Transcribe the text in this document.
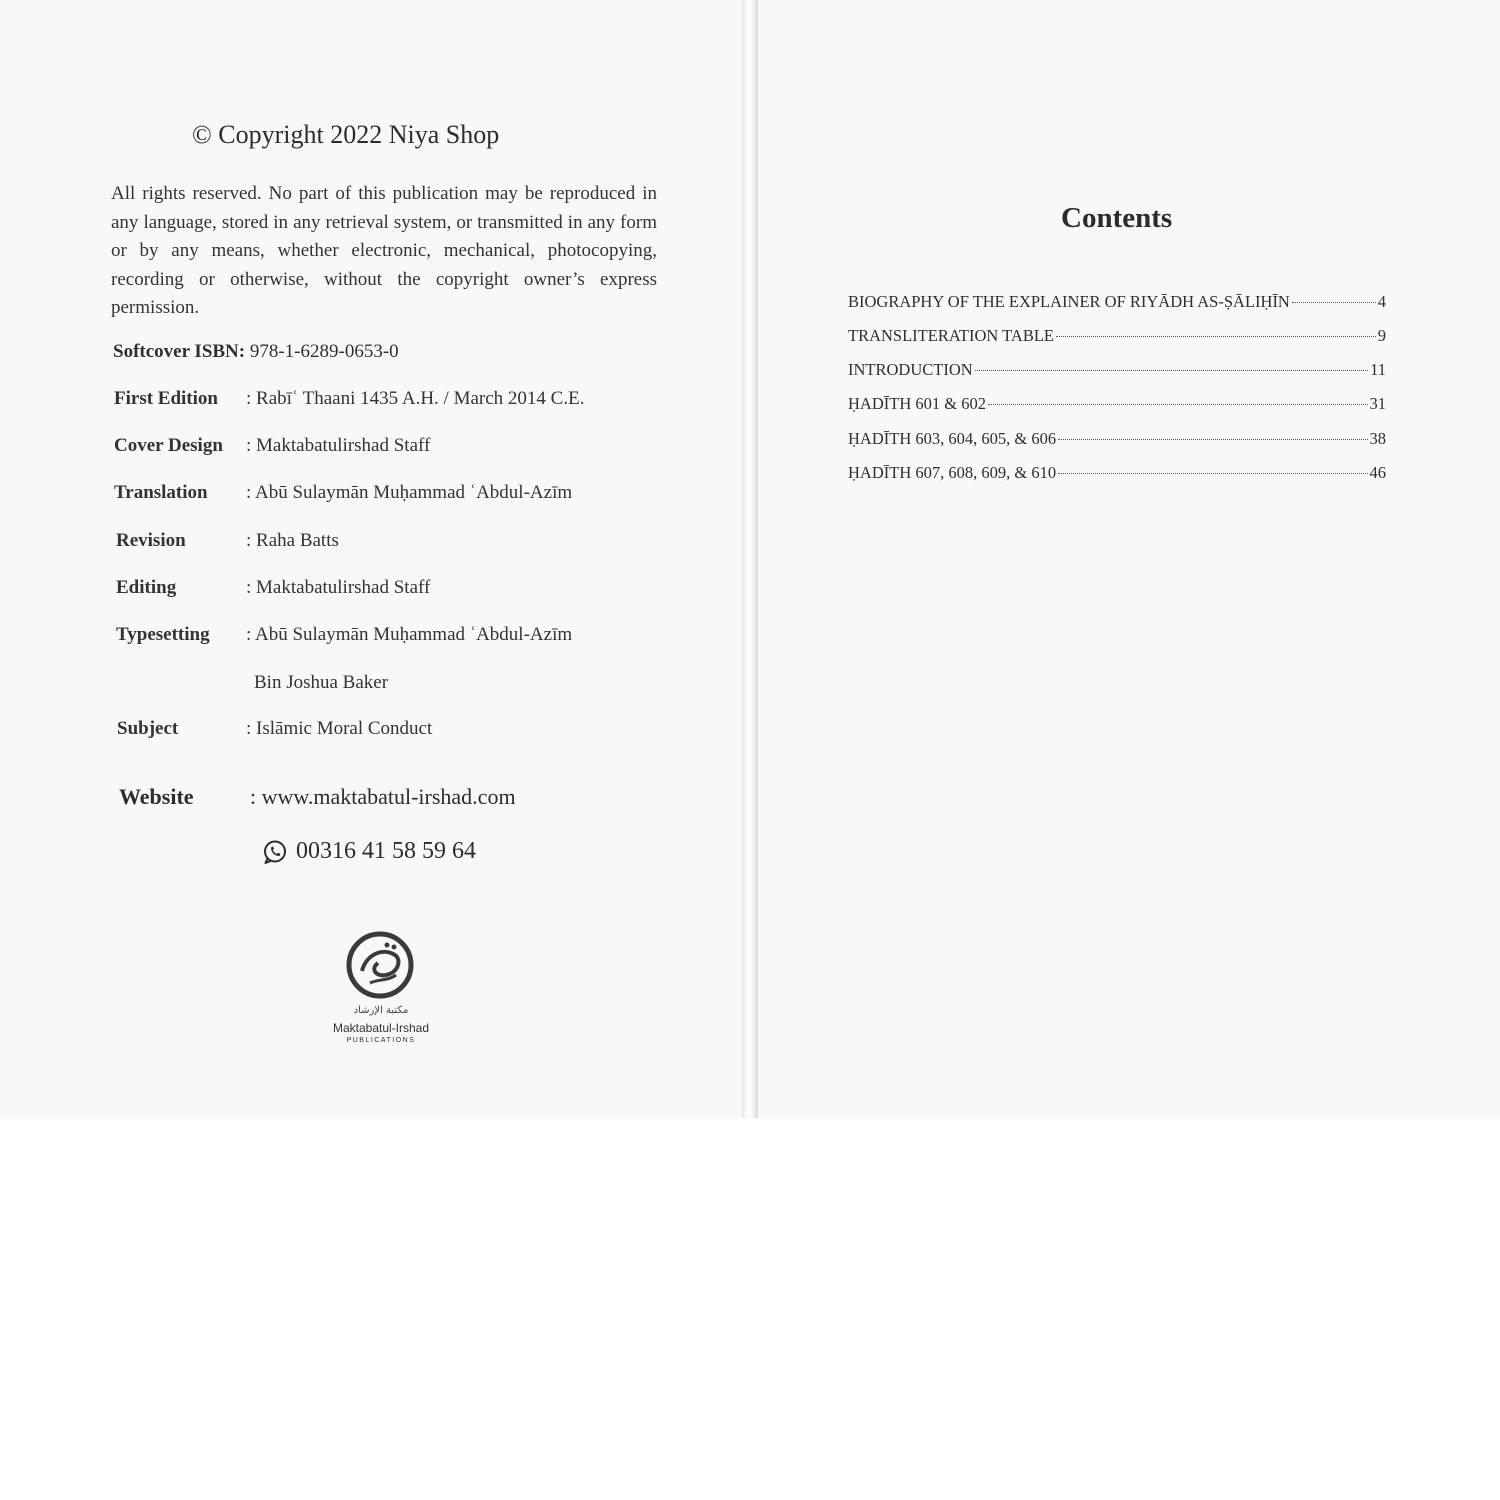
© Copyright 2022 Niya Shop
All rights reserved. No part of this publication may be reproduced in any language, stored in any retrieval system, or transmitted in any form or by any means, whether electronic, mechanical, photocopying, recording or otherwise, without the copyright owner’s express permission.
Softcover ISBN: 978-1-6289-0653-0
First Edition : Rabīʿ Thaani 1435 A.H. / March 2014 C.E.
Cover Design : Maktabatulirshad Staff
Translation : Abū Sulaymān Muḥammad ʿAbdul-Azīm
Revision	: Raha Batts
Editing	: Maktabatulirshad Staff
Typesetting : Abū Sulaymān Muḥammad ʿAbdul-Azīm
Bin Joshua Baker
Subject	: Islāmic Moral Conduct
Website	: www.maktabatul-irshad.com
00316 41 58 59 64
مكتبة الإرشاد
Maktabatul-Irshad
PUBLICATIONS
Contents
BIOGRAPHY OF THE EXPLAINER OF RIYĀDH AS-ṢĀLIḤĪN	4
TRANSLITERATION TABLE	9
INTRODUCTION	11
ḤADĪTH 601 & 602	31
ḤADĪTH 603, 604, 605, & 606	38
ḤADĪTH 607, 608, 609, & 610	46
